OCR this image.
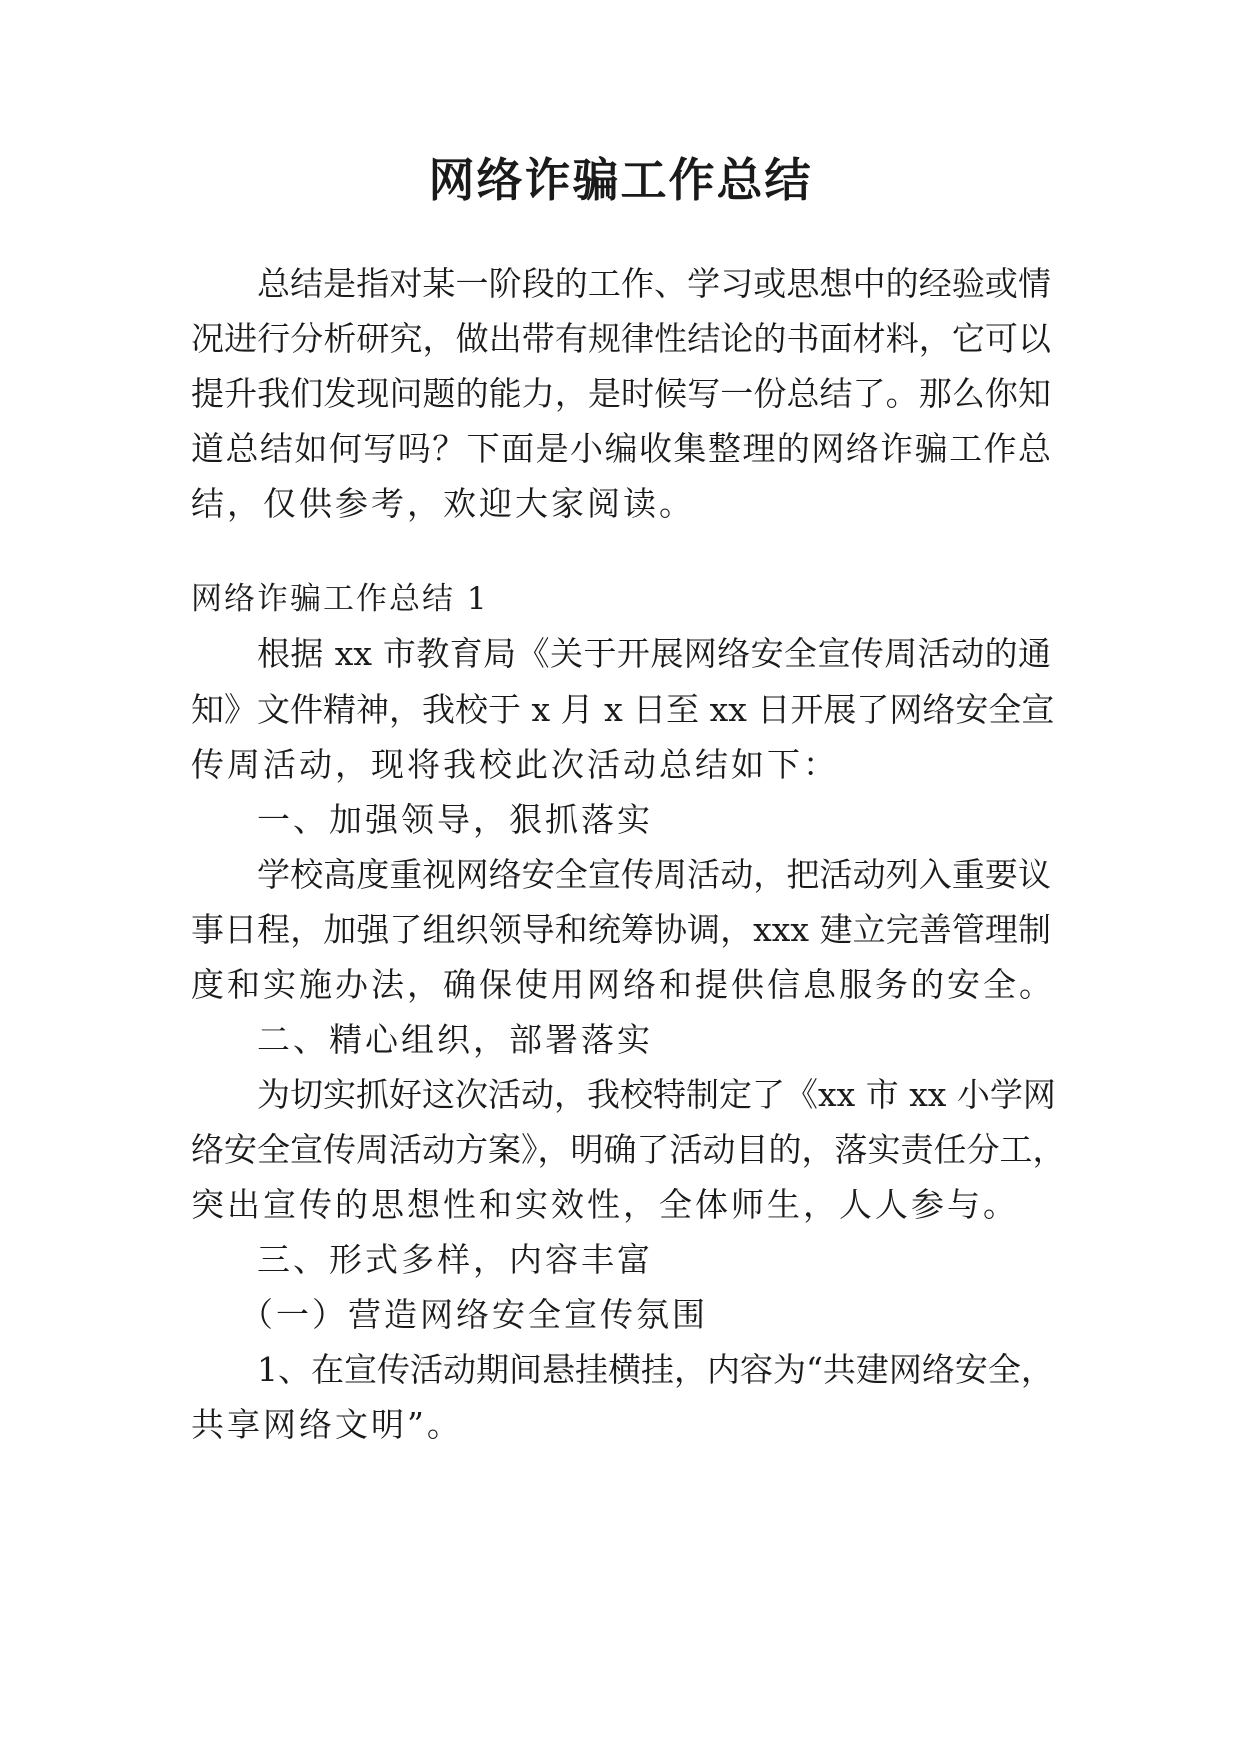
网络诈骗工作总结
总结是指对某一阶段的工作、学习或思想中的经验或情
况进行分析研究，做出带有规律性结论的书面材料，它可以
提升我们发现问题的能力，是时候写一份总结了。那么你知
道总结如何写吗？下面是小编收集整理的网络诈骗工作总
结，仅供参考，欢迎大家阅读。
网络诈骗工作总结 1
根据 xx 市教育局《关于开展网络安全宣传周活动的通
知》文件精神，我校于 x 月 x 日至 xx 日开展了网络安全宣
传周活动，现将我校此次活动总结如下：
一、加强领导，狠抓落实
学校高度重视网络安全宣传周活动，把活动列入重要议
事日程，加强了组织领导和统筹协调，xxx 建立完善管理制
度和实施办法，确保使用网络和提供信息服务的安全。
二、精心组织，部署落实
为切实抓好这次活动，我校特制定了《xx 市 xx 小学网
络安全宣传周活动方案》，明确了活动目的，落实责任分工，
突出宣传的思想性和实效性，全体师生，人人参与。
三、形式多样，内容丰富
（一）营造网络安全宣传氛围
1、在宣传活动期间悬挂横挂，内容为“共建网络安全，
共享网络文明”。
